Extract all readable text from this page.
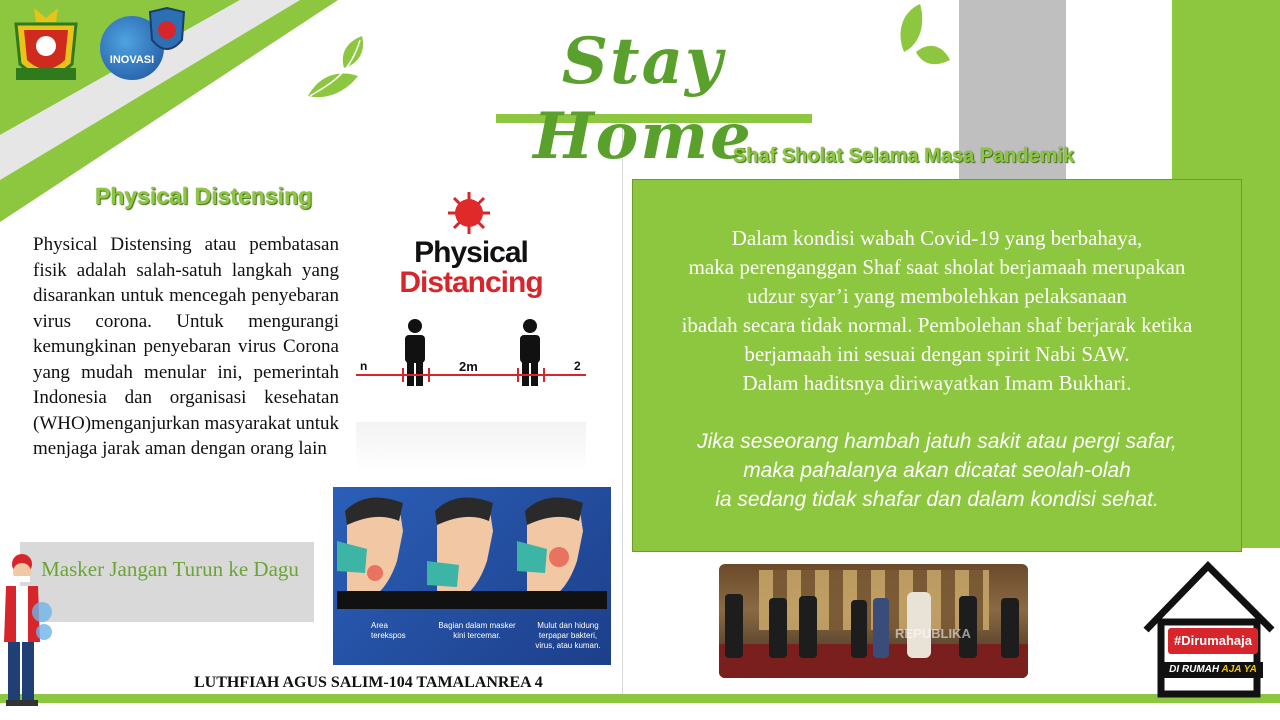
INOVASI	Stay Home
Physical Distensing
Physical Distensing atau pembatasan fisik adalah salah-satuh langkah yang disarankan untuk mencegah penyebaran virus corona. Untuk mengurangi kemungkinan penyebaran virus Corona yang mudah menular ini, pemerintah Indonesia dan organisasi kesehatan (WHO)menganjurkan masyarakat untuk menjaga jarak aman dengan orang lain
Masker Jangan Turun ke Dagu
Physical
Distancing
n	2m	2
Area
terekspos
Bagian dalam masker
kini tercemar.
Mulut dan hidung
terpapar bakteri,
virus, atau kuman.
LUTHFIAH AGUS SALIM-104 TAMALANREA 4
Shaf Sholat Selama Masa Pandemik
Dalam kondisi wabah Covid-19 yang berbahaya,
maka perenganggan Shaf saat sholat berjamaah merupakan
udzur syar’i yang membolehkan pelaksanaan
ibadah secara tidak normal. Pembolehan shaf berjarak ketika
berjamaah ini sesuai dengan spirit Nabi SAW.
Dalam haditsnya diriwayatkan Imam Bukhari.
Jika seseorang hambah jatuh sakit atau pergi safar,
maka pahalanya akan dicatat seolah-olah
ia sedang tidak shafar dan dalam kondisi sehat.
REPUBLIKA	#Dirumahaja
DI RUMAH AJA YA
